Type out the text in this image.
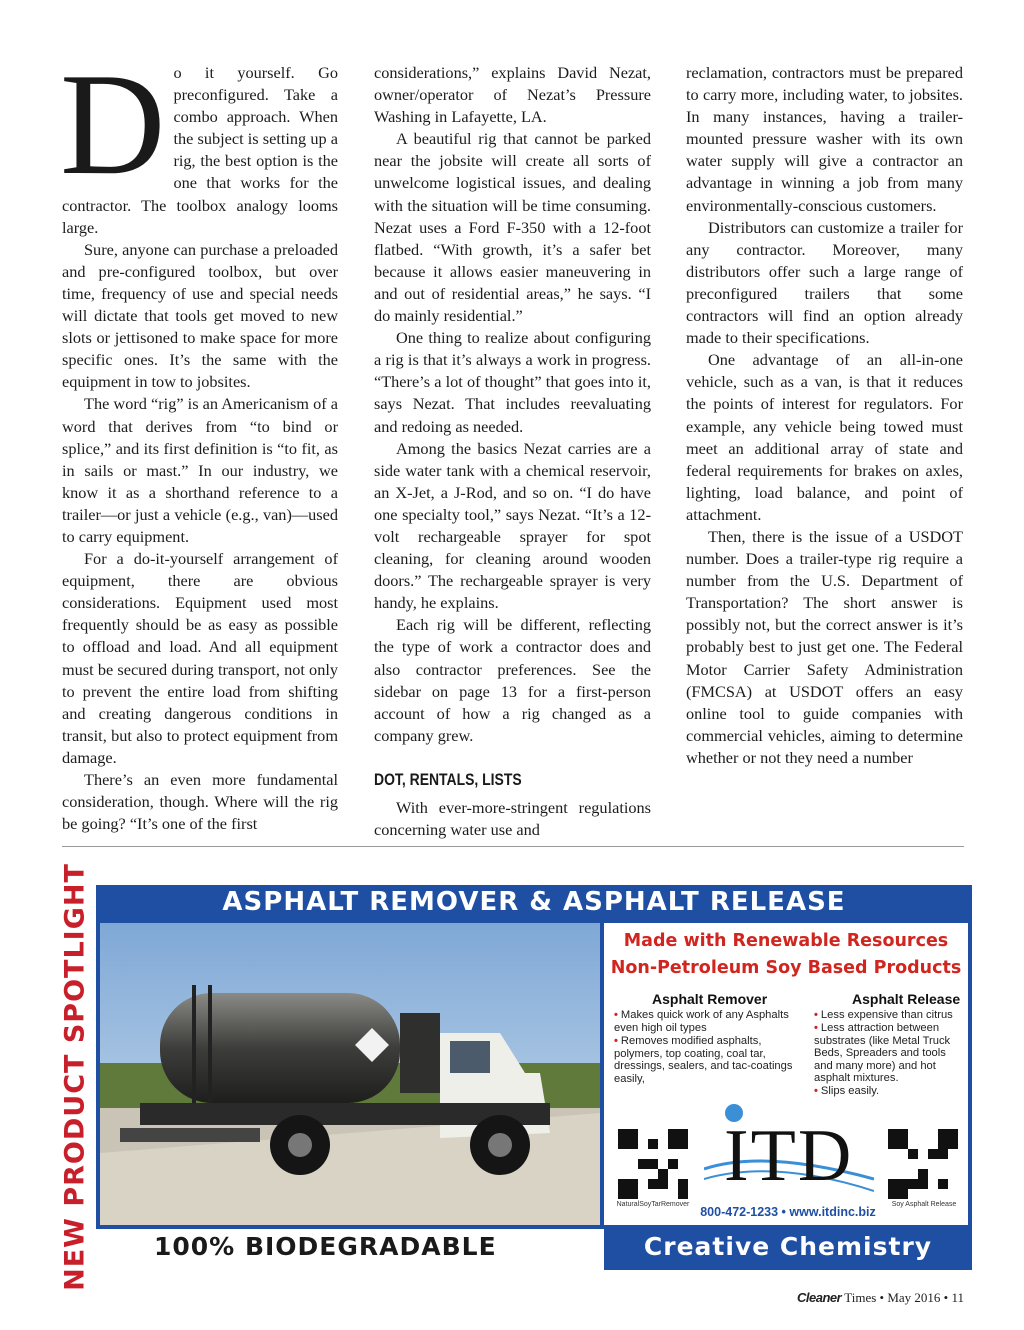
D o it yourself. Go preconfigured. Take a combo approach. When the subject is setting up a rig, the best option is the one that works for the contractor. The toolbox analogy looms large.

Sure, anyone can purchase a preloaded and pre-configured toolbox, but over time, frequency of use and special needs will dictate that tools get moved to new slots or jettisoned to make space for more specific ones. It’s the same with the equipment in tow to jobsites.

The word “rig” is an Americanism of a word that derives from “to bind or splice,” and its first definition is “to fit, as in sails or mast.” In our industry, we know it as a shorthand reference to a trailer—or just a vehicle (e.g., van)—used to carry equipment.

For a do-it-yourself arrangement of equipment, there are obvious considerations. Equipment used most frequently should be as easy as possible to offload and load. And all equipment must be secured during transport, not only to prevent the entire load from shifting and creating dangerous conditions in transit, but also to protect equipment from damage.

There’s an even more fundamental consideration, though. Where will the rig be going? “It’s one of the first

considerations,” explains David Nezat, owner/operator of Nezat’s Pressure Washing in Lafayette, LA.

A beautiful rig that cannot be parked near the jobsite will create all sorts of unwelcome logistical issues, and dealing with the situation will be time consuming. Nezat uses a Ford F-350 with a 12-foot flatbed. “With growth, it’s a safer bet because it allows easier maneuvering in and out of residential areas,” he says. “I do mainly residential.”

One thing to realize about configuring a rig is that it’s always a work in progress. “There’s a lot of thought” that goes into it, says Nezat. That includes reevaluating and redoing as needed.

Among the basics Nezat carries are a side water tank with a chemical reservoir, an X-Jet, a J-Rod, and so on. “I do have one specialty tool,” says Nezat. “It’s a 12-volt rechargeable sprayer for spot cleaning, for cleaning around wooden doors.” The rechargeable sprayer is very handy, he explains.

Each rig will be different, reflecting the type of work a contractor does and also contractor preferences. See the sidebar on page 13 for a first-person account of how a rig changed as a company grew.

DOT, RENTALS, LISTS

With ever-more-stringent regulations concerning water use and

reclamation, contractors must be prepared to carry more, including water, to jobsites. In many instances, having a trailer-mounted pressure washer with its own water supply will give a contractor an advantage in winning a job from many environmentally-conscious customers.

Distributors can customize a trailer for any contractor. Moreover, many distributors offer such a large range of preconfigured trailers that some contractors will find an option already made to their specifications.

One advantage of an all-in-one vehicle, such as a van, is that it reduces the points of interest for regulators. For example, any vehicle being towed must meet an additional array of state and federal requirements for brakes on axles, lighting, load balance, and point of attachment.

Then, there is the issue of a USDOT number. Does a trailer-type rig require a number from the U.S. Department of Transportation? The short answer is possibly not, but the correct answer is it’s probably best to just get one. The Federal Motor Carrier Safety Administration (FMCSA) at USDOT offers an easy online tool to guide companies with commercial vehicles, aiming to determine whether or not they need a number

NEW PRODUCT SPOTLIGHT	ASPHALT REMOVER & ASPHALT RELEASE
Made with Renewable Resources
Non-Petroleum Soy Based Products
Asphalt Remover
• Makes quick work of any Asphalts even high oil types
• Removes modified asphalts, polymers, top coating, coal tar, dressings, sealers, and tac-coatings easily,
Asphalt Release
• Less expensive than citrus
• Less attraction between substrates (like Metal Truck Beds, Spreaders and tools and many more) and hot asphalt mixtures.
• Slips easily.
NaturalSoyTarRemover	Soy Asphalt Release
ITD
800-472-1233 • www.itdinc.biz
100% BIODEGRADABLE	Creative Chemistry
Cleaner Times • May 2016 • 11
